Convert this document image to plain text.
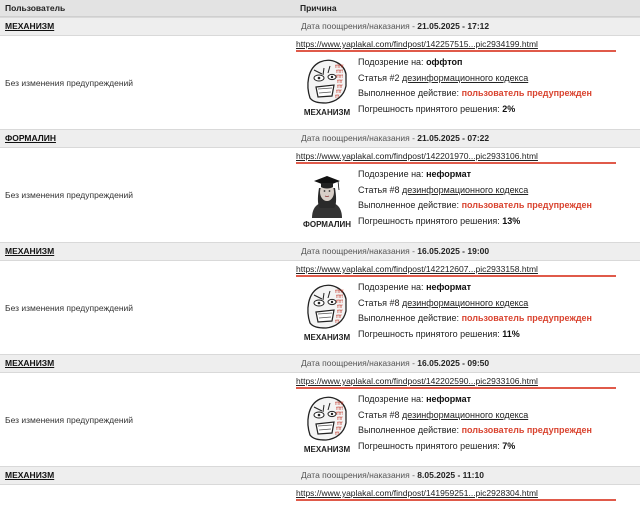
Пользователь	Причина
МЕХАНИЗМ	Дата поощрения/наказания - 21.05.2025 - 17:12
Без изменения предупреждений
https://www.yaplakal.com/findpost/142257515...pic2934199.html
ffffff
fffff
fffff
ffff
ffff
ffff
fff
МЕХАНИЗМ
Подозрение на: оффтоп
Статья #2 дезинформационного кодекса
Выполненное действие: пользователь предупрежден
Погрешность принятого решения: 2%
ФОРМАЛИН	Дата поощрения/наказания - 21.05.2025 - 07:22
Без изменения предупреждений
https://www.yaplakal.com/findpost/142201970...pic2933106.html
ФОРМАЛИН
Подозрение на: неформат
Статья #8 дезинформационного кодекса
Выполненное действие: пользователь предупрежден
Погрешность принятого решения: 13%
МЕХАНИЗМ	Дата поощрения/наказания - 16.05.2025 - 19:00
Без изменения предупреждений
https://www.yaplakal.com/findpost/142212607...pic2933158.html
ffffff
fffff
fffff
ffff
ffff
ffff
fff
МЕХАНИЗМ
Подозрение на: неформат
Статья #8 дезинформационного кодекса
Выполненное действие: пользователь предупрежден
Погрешность принятого решения: 11%
МЕХАНИЗМ	Дата поощрения/наказания - 16.05.2025 - 09:50
Без изменения предупреждений
https://www.yaplakal.com/findpost/142202590...pic2933106.html
ffffff
fffff
fffff
ffff
ffff
ffff
fff
МЕХАНИЗМ
Подозрение на: неформат
Статья #8 дезинформационного кодекса
Выполненное действие: пользователь предупрежден
Погрешность принятого решения: 7%
МЕХАНИЗМ	Дата поощрения/наказания - 8.05.2025 - 11:10
https://www.yaplakal.com/findpost/141959251...pic2928304.html
